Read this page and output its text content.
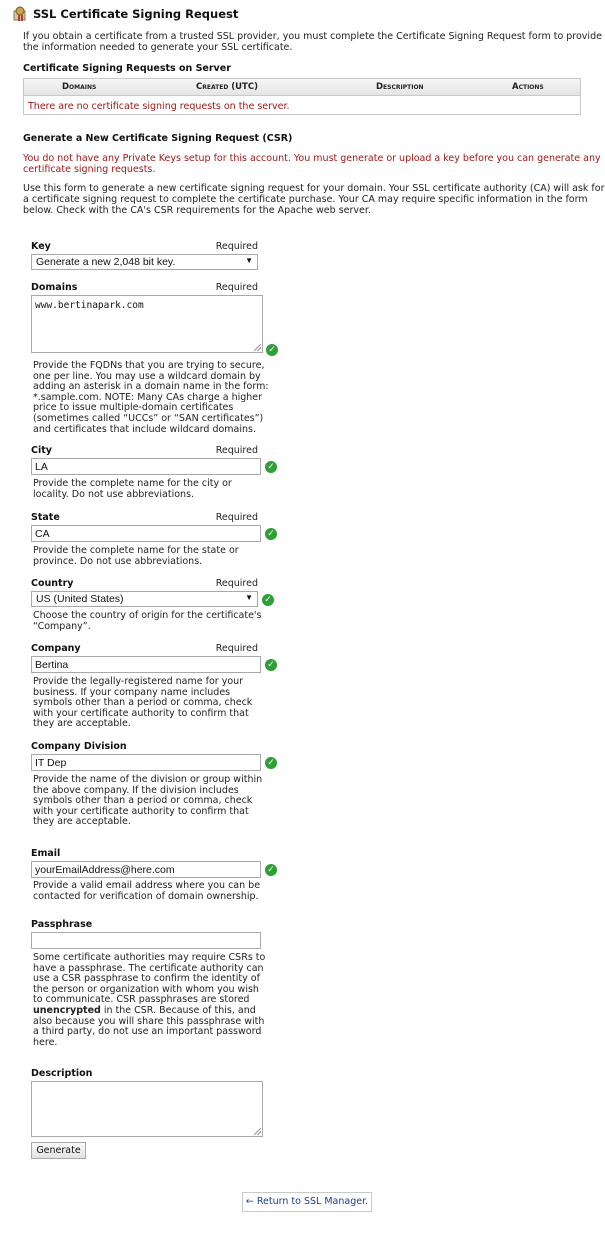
SSL Certificate Signing Request
If you obtain a certificate from a trusted SSL provider, you must complete the Certificate Signing Request form to provide
the information needed to generate your SSL certificate.
Certificate Signing Requests on Server
Domains	Created (UTC)	Description	Actions
There are no certificate signing requests on the server.
Generate a New Certificate Signing Request (CSR)
You do not have any Private Keys setup for this account. You must generate or upload a key before you can generate any
certificate signing requests.
Use this form to generate a new certificate signing request for your domain. Your SSL certificate authority (CA) will ask for
a certificate signing request to complete the certificate purchase. Your CA may require specific information in the form
below. Check with the CA's CSR requirements for the Apache web server.
Key	Required
Generate a new 2,048 bit key.	▼
Domains	Required
www.bertinapark.com
✓
Provide the FQDNs that you are trying to secure,
one per line. You may use a wildcard domain by
adding an asterisk in a domain name in the form:
*.sample.com. NOTE: Many CAs charge a higher
price to issue multiple-domain certificates
(sometimes called “UCCs” or “SAN certificates”)
and certificates that include wildcard domains.
City	Required
LA	✓
Provide the complete name for the city or
locality. Do not use abbreviations.
State	Required
CA	✓
Provide the complete name for the state or
province. Do not use abbreviations.
Country	Required
US (United States)	▼ ✓
Choose the country of origin for the certificate's
“Company”.
Company	Required
Bertina	✓
Provide the legally-registered name for your
business. If your company name includes
symbols other than a period or comma, check
with your certificate authority to confirm that
they are acceptable.
Company Division
IT Dep	✓
Provide the name of the division or group within
the above company. If the division includes
symbols other than a period or comma, check
with your certificate authority to confirm that
they are acceptable.
Email
yourEmailAddress@here.com	✓
Provide a valid email address where you can be
contacted for verification of domain ownership.
Passphrase
Some certificate authorities may require CSRs to
have a passphrase. The certificate authority can
use a CSR passphrase to confirm the identity of
the person or organization with whom you wish
to communicate. CSR passphrases are stored
unencrypted in the CSR. Because of this, and
also because you will share this passphrase with
a third party, do not use an important password
here.
Description
Generate
← Return to SSL Manager.
